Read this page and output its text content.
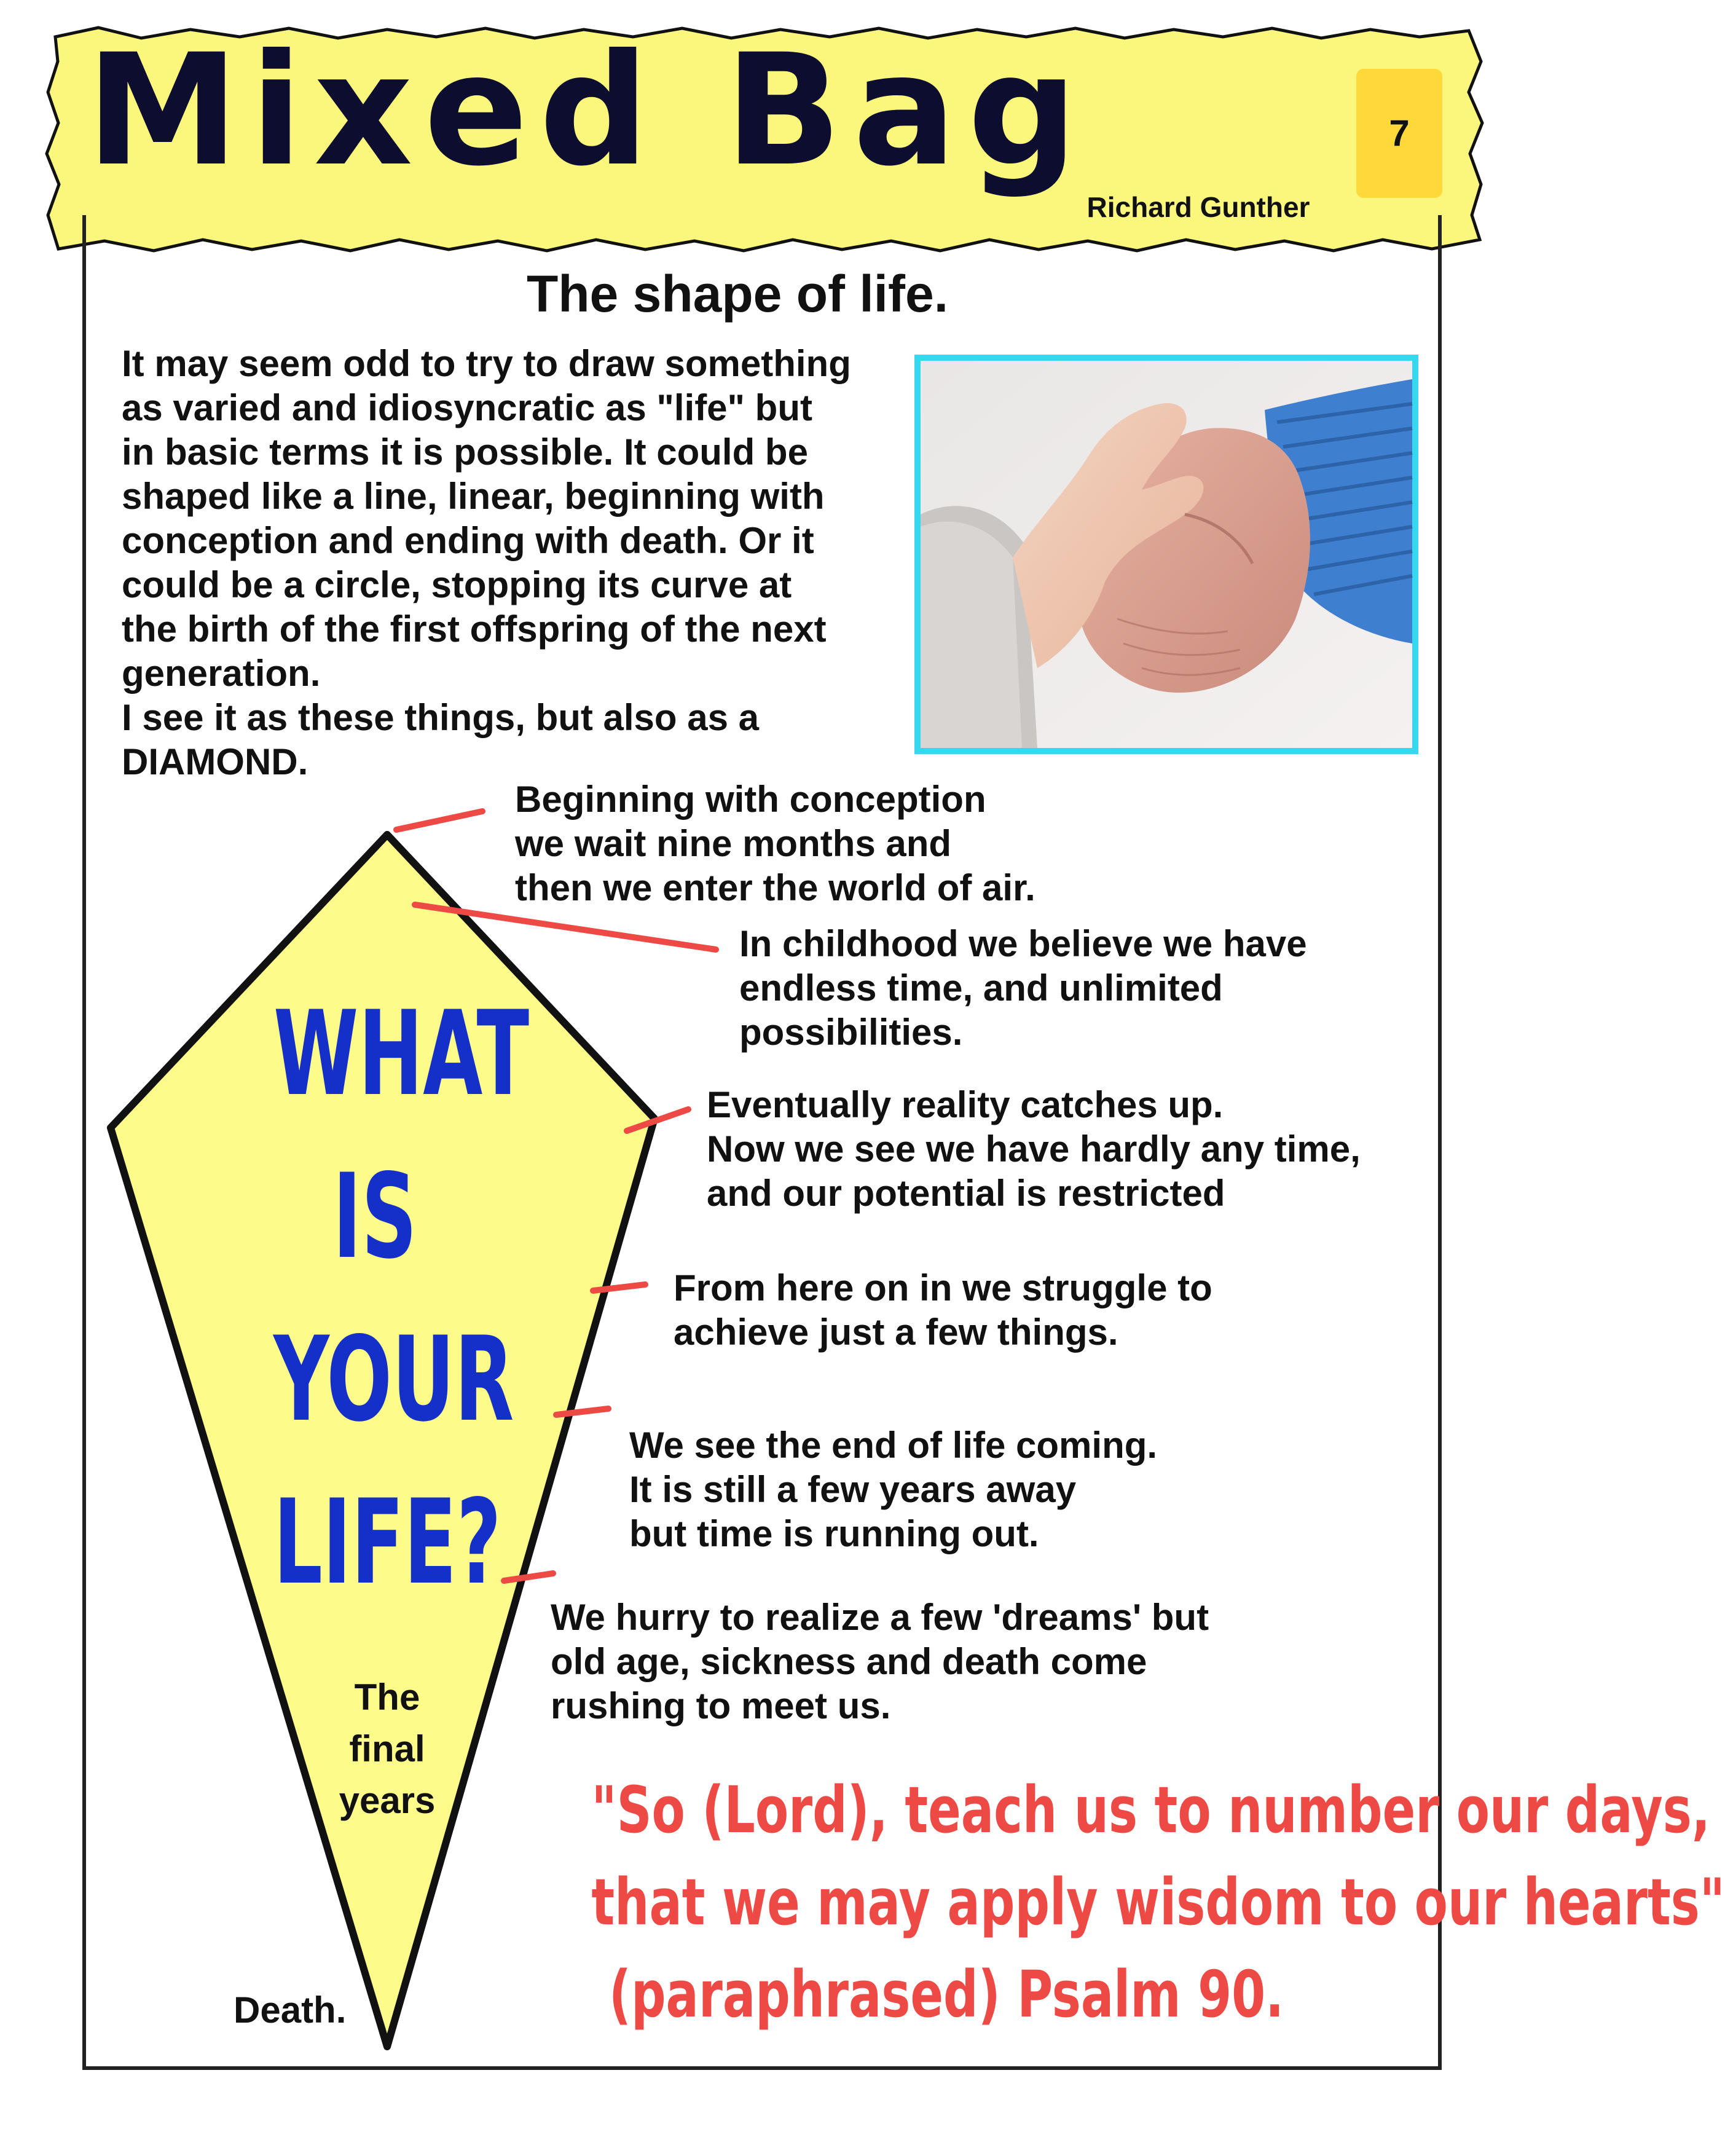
Mixed Bag	7
Richard Gunther
The shape of life.

It may seem odd to try to draw something

as varied and idiosyncratic as "life" but

in basic terms it is possible. It could be

shaped like a line, linear, beginning with

conception and ending with death. Or it

could be a circle, stopping its curve at

the birth of the first offspring of the next

generation.

I see it as these things, but also as a

DIAMOND.

WHAT
IS
YOUR
LIFE?
The
final
years
Death.

Beginning with conception

we wait nine months and

then we enter the world of air.

In childhood we believe we have

endless time, and unlimited

possibilities.

Eventually reality catches up.

Now we see we have hardly any time,

and our potential is restricted

From here on in we struggle to

achieve just a few things.

We see the end of life coming.

It is still a few years away

but time is running out.

We hurry to realize a few 'dreams' but

old age, sickness and death come

rushing to meet us.

"So (Lord), teach us to number our days,
that we may apply wisdom to our hearts"
(paraphrased) Psalm 90.
